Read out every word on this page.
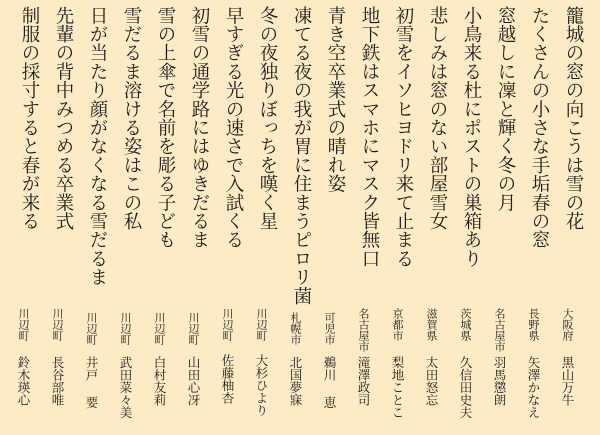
籠城の窓の向こうは雪の花
大阪府
黒山万牛
たくさんの小さな手垢春の窓
長野県
矢澤かなえ
窓越しに凜と輝く冬の月
名古屋市
羽馬懲朗
小鳥来る杜にポストの巣箱あり
茨城県
久信田史夫
悲しみは窓のない部屋雪女
滋賀県
太田怒忘
初雪をイソヒヨドリ来て止まる
京都市
梨地ことこ
地下鉄はスマホにマスク皆無口
名古屋市
滝澤政司
青き空卒業式の晴れ姿
可児市
鵜川 恵
凍てる夜の我が胃に住まうピロリ菌
札幌市
北国夢寐
冬の夜独りぼっちを嘆く星
川辺町
大杉ひより
早すぎる光の速さで入試くる
川辺町
佐藤柚杏
初雪の通学路にはゆきだるま
川辺町
山田心冴
雪の上傘で名前を彫る子ども
川辺町
白村友莉
雪だるま溶ける姿はこの私
川辺町
武田菜々美
日が当たり顔がなくなる雪だるま
川辺町
井戸 要
先輩の背中みつめる卒業式
川辺町
長谷部唯
制服の採寸すると春が来る
川辺町
鈴木瑛心
